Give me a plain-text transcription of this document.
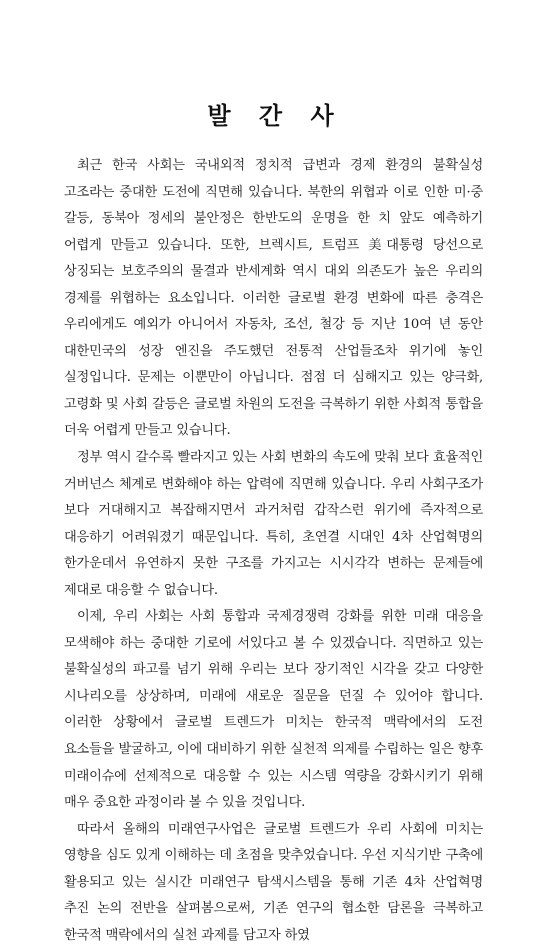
발 간 사

최근 한국 사회는 국내외적 정치적 급변과 경제 환경의 불확실성 고조라는 중대한 도전에 직면해 있습니다. 북한의 위협과 이로 인한 미·중 갈등, 동북아 정세의 불안정은 한반도의 운명을 한 치 앞도 예측하기 어렵게 만들고 있습니다. 또한, 브렉시트, 트럼프 美대통령 당선으로 상징되는 보호주의의 물결과 반세계화 역시 대외 의존도가 높은 우리의 경제를 위협하는 요소입니다. 이러한 글로벌 환경 변화에 따른 충격은 우리에게도 예외가 아니어서 자동차, 조선, 철강 등 지난 10여 년 동안 대한민국의 성장 엔진을 주도했던 전통적 산업들조차 위기에 놓인 실정입니다. 문제는 이뿐만이 아닙니다. 점점 더 심해지고 있는 양극화, 고령화 및 사회 갈등은 글로벌 차원의 도전을 극복하기 위한 사회적 통합을 더욱 어렵게 만들고 있습니다.

정부 역시 갈수록 빨라지고 있는 사회 변화의 속도에 맞춰 보다 효율적인 거버넌스 체계로 변화해야 하는 압력에 직면해 있습니다. 우리 사회구조가 보다 거대해지고 복잡해지면서 과거처럼 갑작스런 위기에 즉자적으로 대응하기 어려워졌기 때문입니다. 특히, 초연결 시대인 4차 산업혁명의 한가운데서 유연하지 못한 구조를 가지고는 시시각각 변하는 문제들에 제대로 대응할 수 없습니다.

이제, 우리 사회는 사회 통합과 국제경쟁력 강화를 위한 미래 대응을 모색해야 하는 중대한 기로에 서있다고 볼 수 있겠습니다. 직면하고 있는 불확실성의 파고를 넘기 위해 우리는 보다 장기적인 시각을 갖고 다양한 시나리오를 상상하며, 미래에 새로운 질문을 던질 수 있어야 합니다. 이러한 상황에서 글로벌 트렌드가 미치는 한국적 맥락에서의 도전 요소들을 발굴하고, 이에 대비하기 위한 실천적 의제를 수립하는 일은 향후 미래이슈에 선제적으로 대응할 수 있는 시스템 역량을 강화시키기 위해 매우 중요한 과정이라 볼 수 있을 것입니다.

따라서 올해의 미래연구사업은 글로벌 트렌드가 우리 사회에 미치는 영향을 심도 있게 이해하는 데 초점을 맞추었습니다. 우선 지식기반 구축에 활용되고 있는 실시간 미래연구 탐색시스템을 통해 기존 4차 산업혁명 추진 논의 전반을 살펴봄으로써, 기존 연구의 협소한 담론을 극복하고 한국적 맥락에서의 실천 과제를 담고자 하였
